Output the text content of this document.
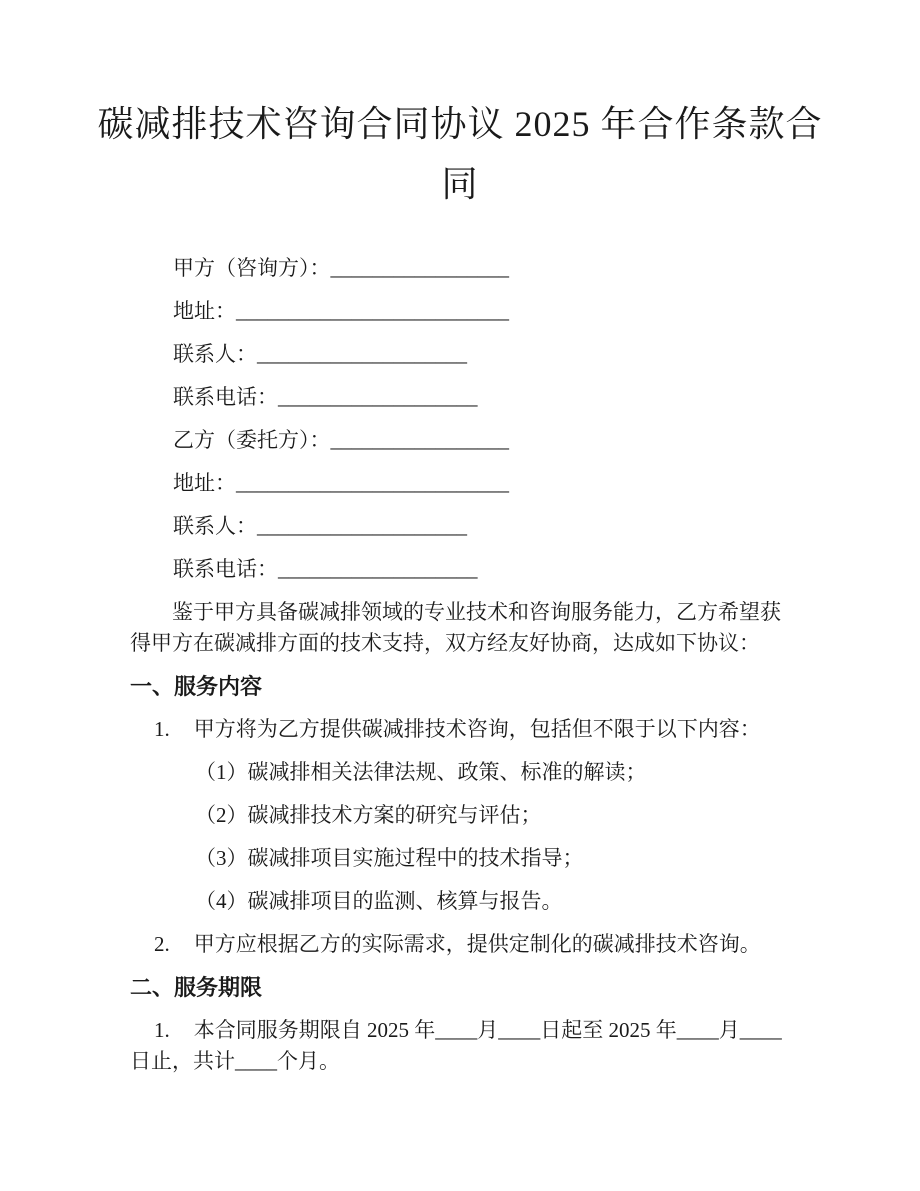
碳减排技术咨询合同协议 2025 年合作条款合同

甲方（咨询方）：_________________

地址：__________________________

联系人：____________________

联系电话：___________________

乙方（委托方）：_________________

地址：__________________________

联系人：____________________

联系电话：___________________

鉴于甲方具备碳减排领域的专业技术和咨询服务能力，乙方希望获得甲方在碳减排方面的技术支持，双方经友好协商，达成如下协议：

一、服务内容

1. 甲方将为乙方提供碳减排技术咨询，包括但不限于以下内容：

（1）碳减排相关法律法规、政策、标准的解读；

（2）碳减排技术方案的研究与评估；

（3）碳减排项目实施过程中的技术指导；

（4）碳减排项目的监测、核算与报告。

2. 甲方应根据乙方的实际需求，提供定制化的碳减排技术咨询。

二、服务期限

1. 本合同服务期限自 2025 年____月____日起至 2025 年____月____日止，共计____个月。
